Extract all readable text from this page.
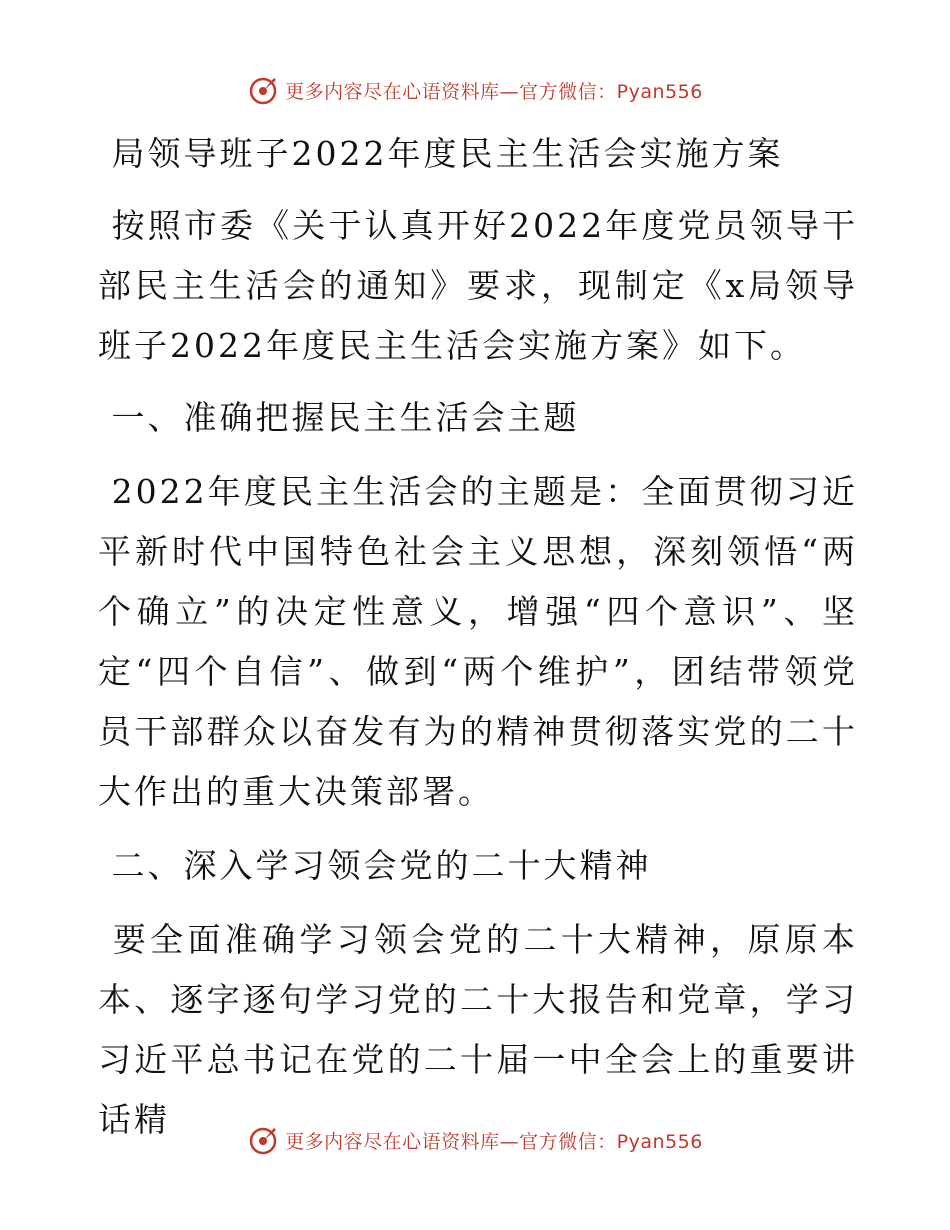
更多内容尽在心语资料库—官方微信：Pyan556

局领导班子2022年度民主生活会实施方案

按照市委《关于认真开好2022年度党员领导干部民主生活会的通知》要求，现制定《x局领导班子2022年度民主生活会实施方案》如下。

一、准确把握民主生活会主题

2022年度民主生活会的主题是：全面贯彻习近平新时代中国特色社会主义思想，深刻领悟“两个确立”的决定性意义，增强“四个意识”、坚定“四个自信”、做到“两个维护”，团结带领党员干部群众以奋发有为的精神贯彻落实党的二十大作出的重大决策部署。

二、深入学习领会党的二十大精神

要全面准确学习领会党的二十大精神，原原本本、逐字逐句学习党的二十大报告和党章，学习习近平总书记在党的二十届一中全会上的重要讲话精

更多内容尽在心语资料库—官方微信：Pyan556
